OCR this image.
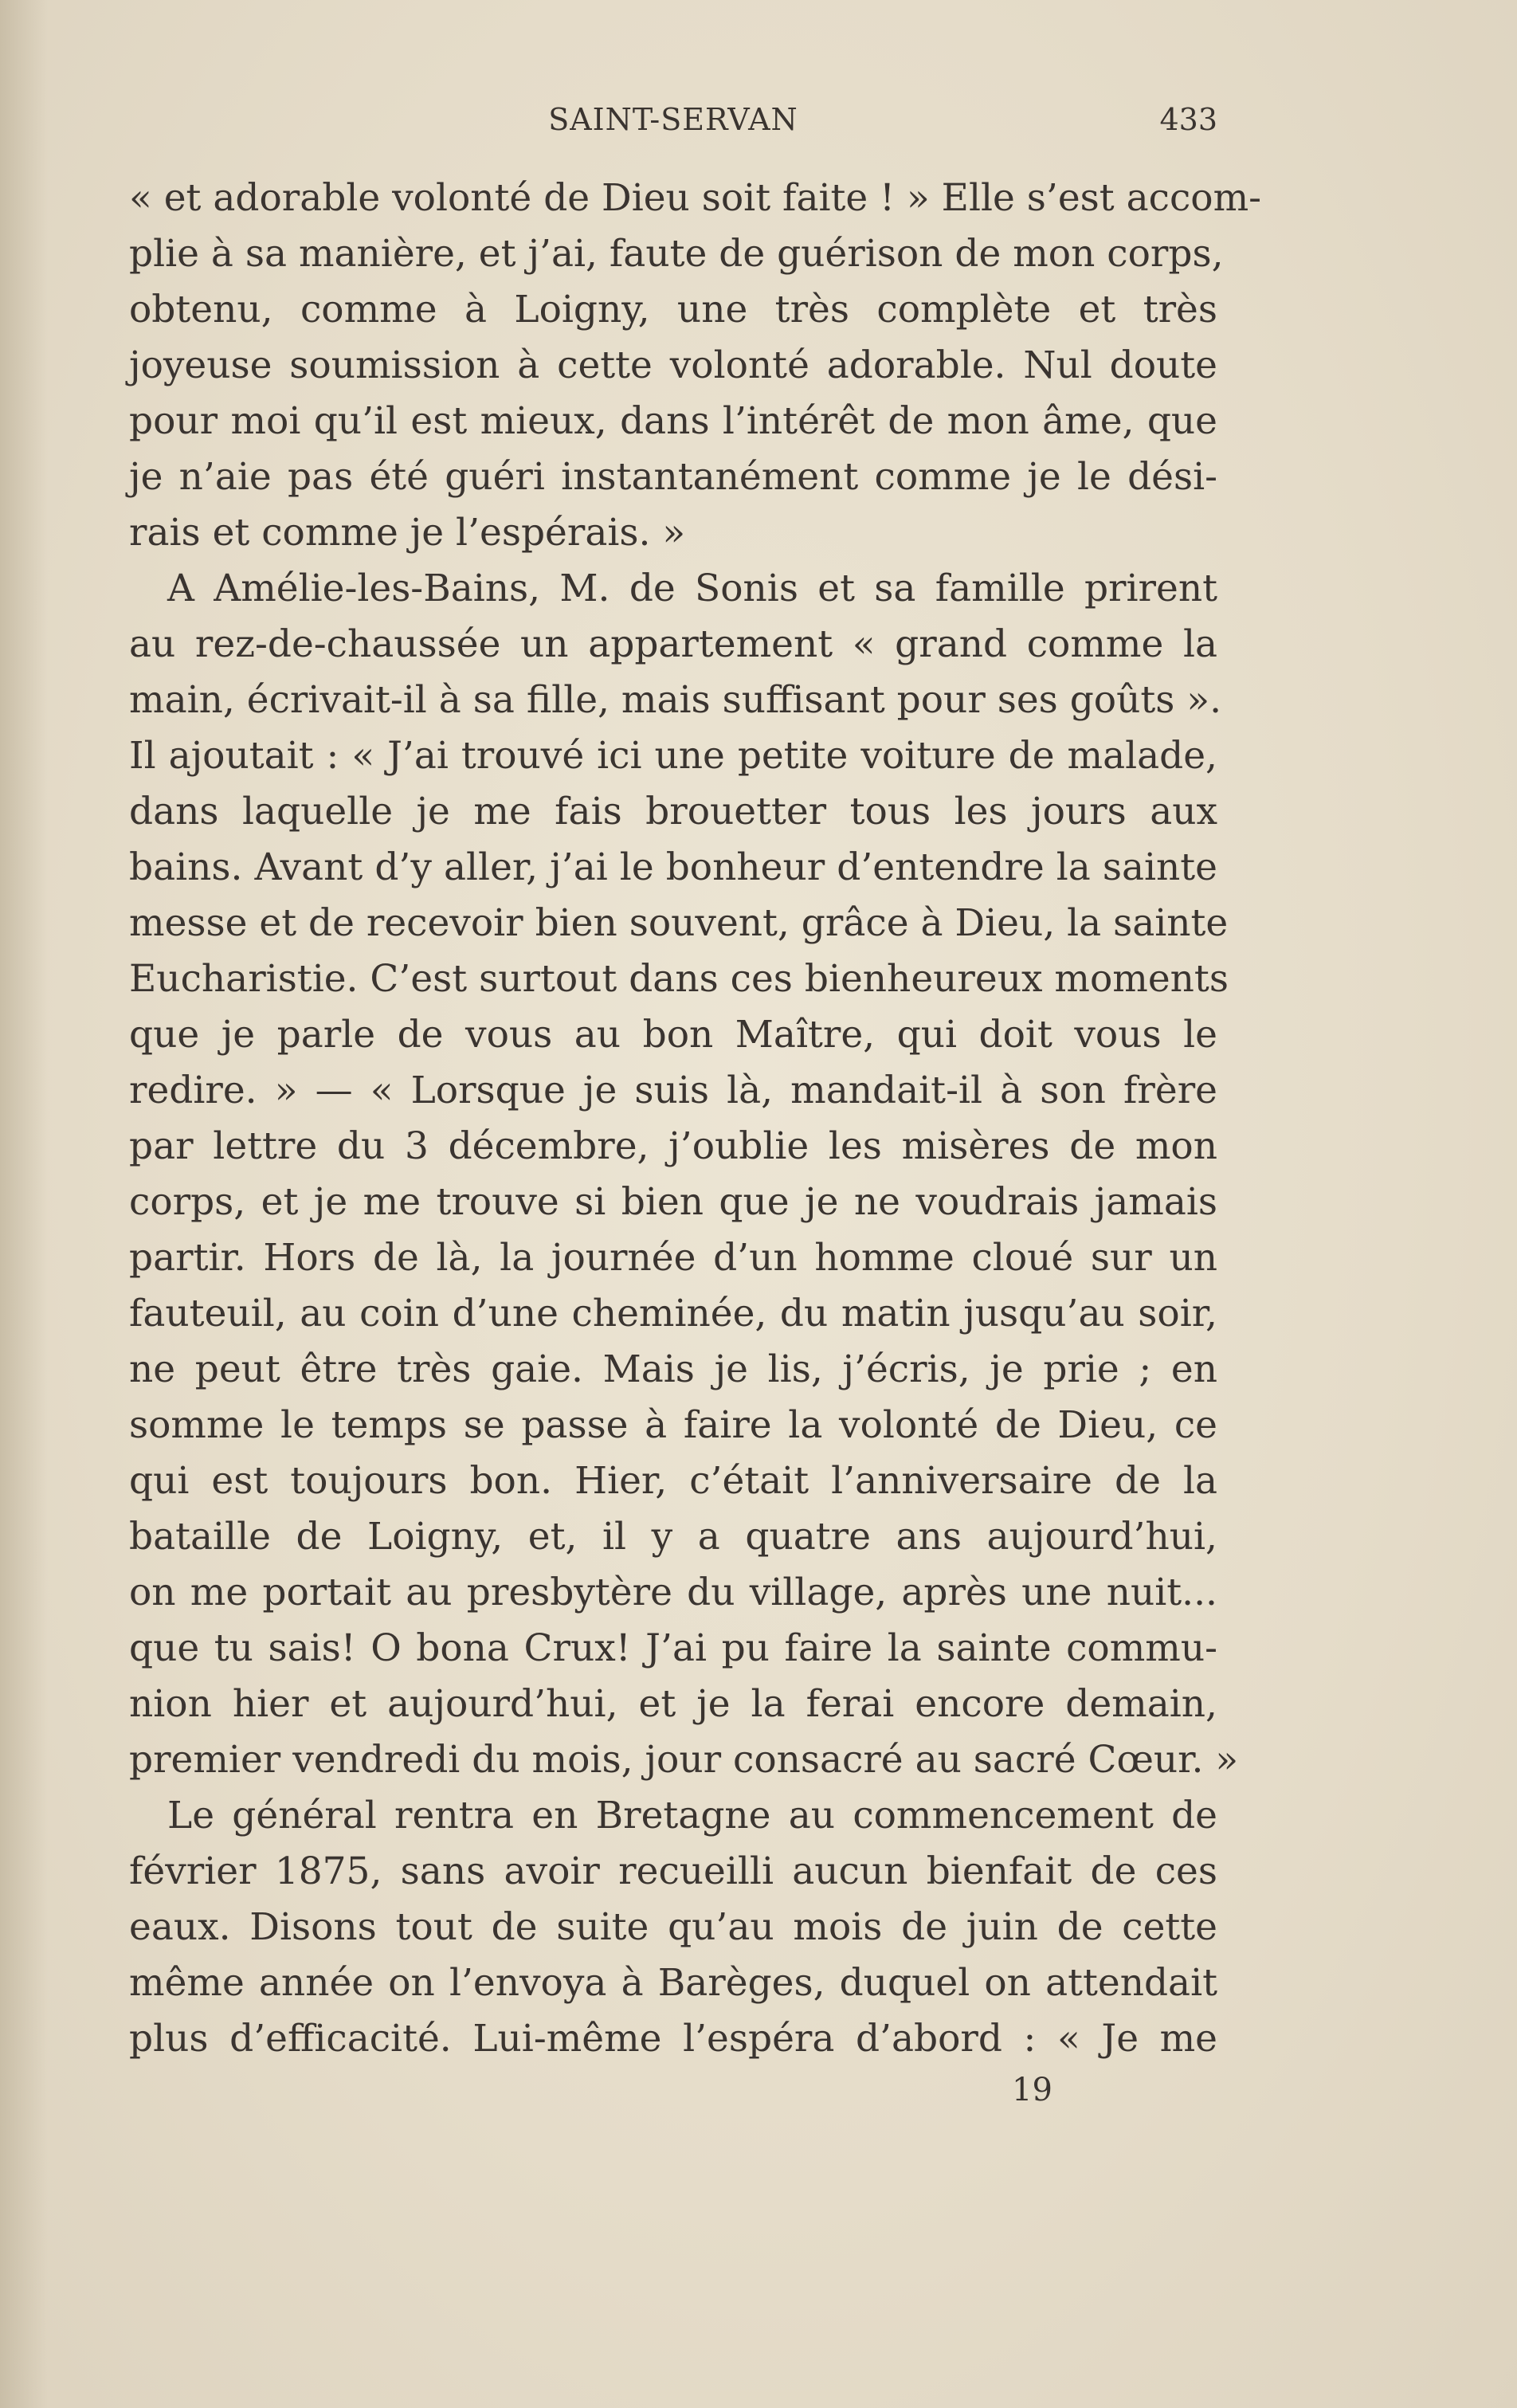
SAINT-SERVAN	433
« et adorable volonté de Dieu soit faite ! » Elle s’est accom-
plie à sa manière, et j’ai, faute de guérison de mon corps,
obtenu, comme à Loigny, une très complète et très
joyeuse soumission à cette volonté adorable. Nul doute
pour moi qu’il est mieux, dans l’intérêt de mon âme, que
je n’aie pas été guéri instantanément comme je le dési-
rais et comme je l’espérais. »
A Amélie-les-Bains, M. de Sonis et sa famille prirent
au rez-de-chaussée un appartement « grand comme la
main, écrivait-il à sa fille, mais suffisant pour ses goûts ».
Il ajoutait : « J’ai trouvé ici une petite voiture de malade,
dans laquelle je me fais brouetter tous les jours aux
bains. Avant d’y aller, j’ai le bonheur d’entendre la sainte
messe et de recevoir bien souvent, grâce à Dieu, la sainte
Eucharistie. C’est surtout dans ces bienheureux moments
que je parle de vous au bon Maître, qui doit vous le
redire. » — « Lorsque je suis là, mandait-il à son frère
par lettre du 3 décembre, j’oublie les misères de mon
corps, et je me trouve si bien que je ne voudrais jamais
partir. Hors de là, la journée d’un homme cloué sur un
fauteuil, au coin d’une cheminée, du matin jusqu’au soir,
ne peut être très gaie. Mais je lis, j’écris, je prie ; en
somme le temps se passe à faire la volonté de Dieu, ce
qui est toujours bon. Hier, c’était l’anniversaire de la
bataille de Loigny, et, il y a quatre ans aujourd’hui,
on me portait au presbytère du village, après une nuit...
que tu sais! O bona Crux! J’ai pu faire la sainte commu-
nion hier et aujourd’hui, et je la ferai encore demain,
premier vendredi du mois, jour consacré au sacré Cœur. »
Le général rentra en Bretagne au commencement de
février 1875, sans avoir recueilli aucun bienfait de ces
eaux. Disons tout de suite qu’au mois de juin de cette
même année on l’envoya à Barèges, duquel on attendait
plus d’efficacité. Lui-même l’espéra d’abord : « Je me
19
